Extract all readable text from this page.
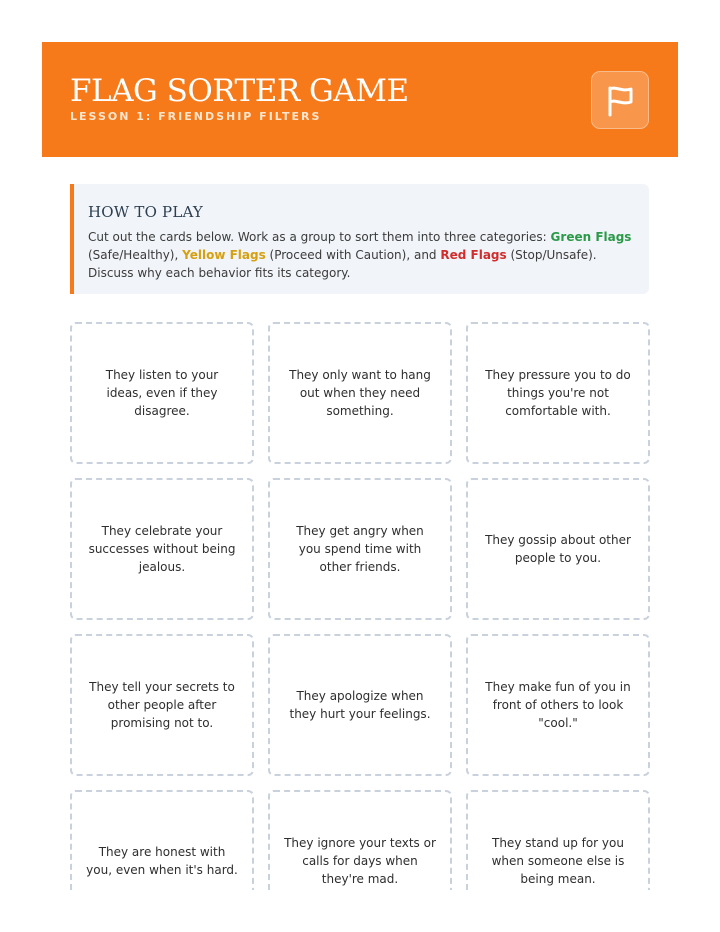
FLAG SORTER GAME
LESSON 1: FRIENDSHIP FILTERS
HOW TO PLAY

Cut out the cards below. Work as a group to sort them into three categories: Green Flags (Safe/Healthy), Yellow Flags (Proceed with Caution), and Red Flags (Stop/Unsafe). Discuss why each behavior fits its category.

They listen to your ideas, even if they disagree.
They only want to hang out when they need something.
They pressure you to do things you're not comfortable with.
They celebrate your successes without being jealous.
They get angry when you spend time with other friends.
They gossip about other people to you.
They tell your secrets to other people after promising not to.
They apologize when they hurt your feelings.
They make fun of you in front of others to look "cool."
They are honest with you, even when it's hard.
They ignore your texts or calls for days when they're mad.
They stand up for you when someone else is being mean.
